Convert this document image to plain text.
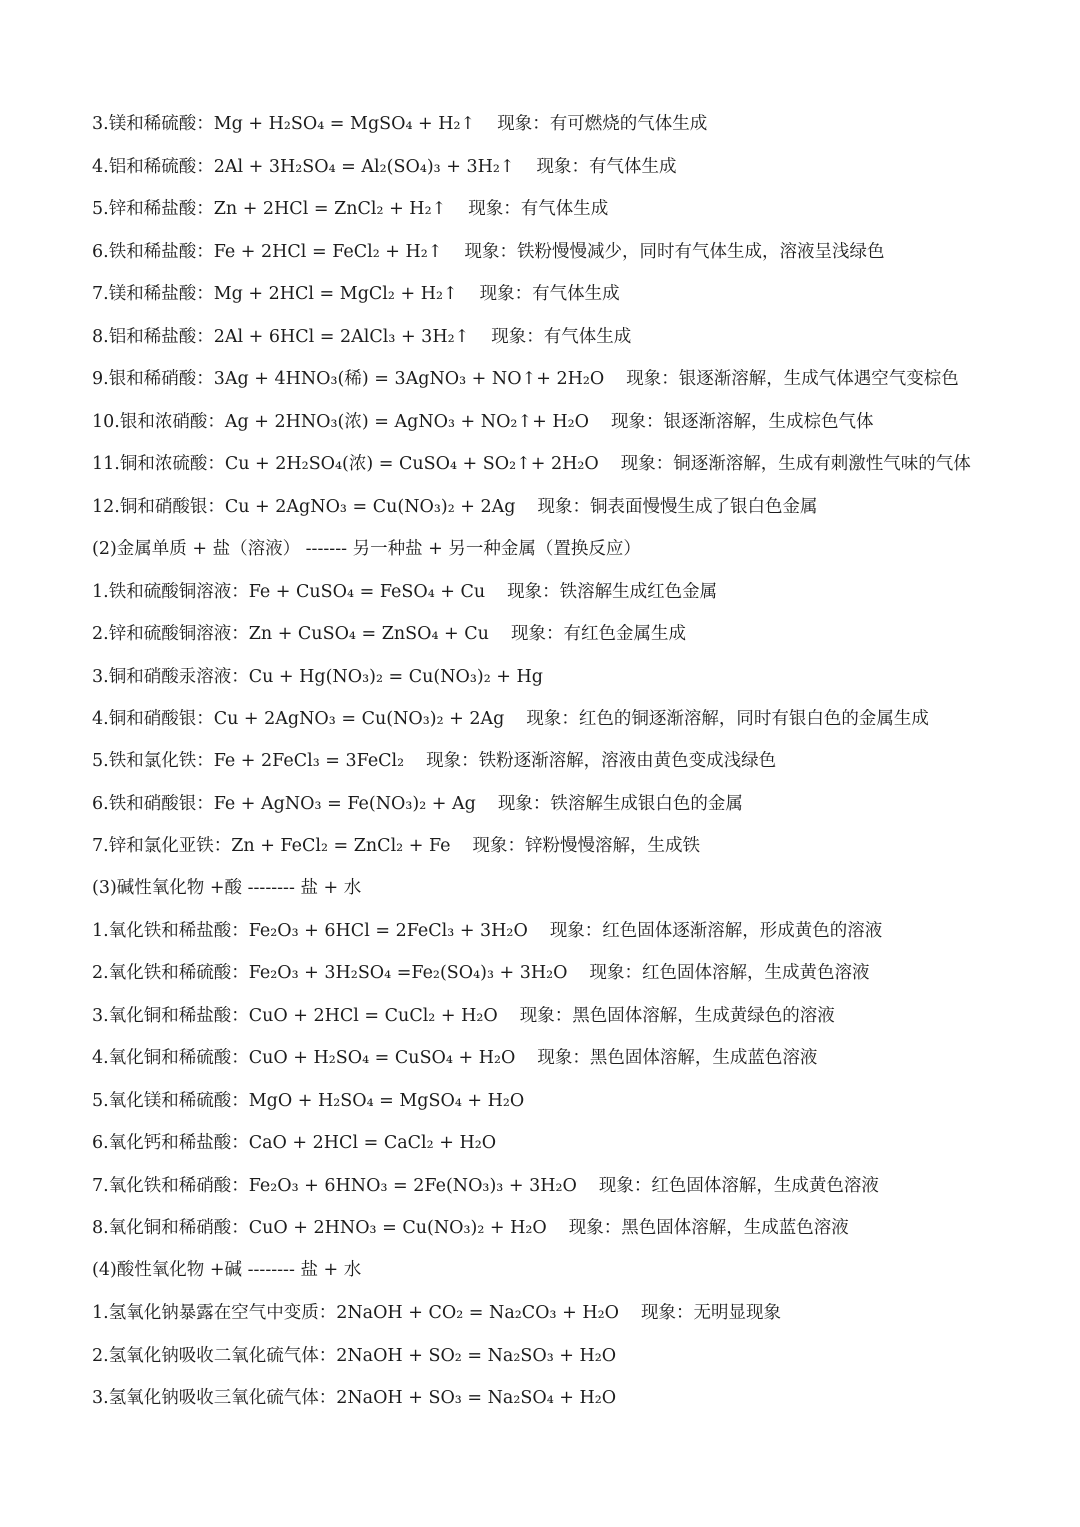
3.镁和稀硫酸：Mg + H₂SO₄ = MgSO₄ + H₂↑ 现象：有可燃烧的气体生成
4.铝和稀硫酸：2Al + 3H₂SO₄ = Al₂(SO₄)₃ + 3H₂↑ 现象：有气体生成
5.锌和稀盐酸：Zn + 2HCl = ZnCl₂ + H₂↑ 现象：有气体生成
6.铁和稀盐酸：Fe + 2HCl = FeCl₂ + H₂↑ 现象：铁粉慢慢减少，同时有气体生成，溶液呈浅绿色
7.镁和稀盐酸：Mg + 2HCl = MgCl₂ + H₂↑ 现象：有气体生成
8.铝和稀盐酸：2Al + 6HCl = 2AlCl₃ + 3H₂↑ 现象：有气体生成
9.银和稀硝酸：3Ag + 4HNO₃(稀) = 3AgNO₃ + NO↑+ 2H₂O 现象：银逐渐溶解，生成气体遇空气变棕色
10.银和浓硝酸：Ag + 2HNO₃(浓) = AgNO₃ + NO₂↑+ H₂O 现象：银逐渐溶解，生成棕色气体
11.铜和浓硫酸：Cu + 2H₂SO₄(浓) = CuSO₄ + SO₂↑+ 2H₂O 现象：铜逐渐溶解，生成有刺激性气味的气体
12.铜和硝酸银：Cu + 2AgNO₃ = Cu(NO₃)₂ + 2Ag 现象：铜表面慢慢生成了银白色金属
(2)金属单质 + 盐（溶液） ------- 另一种盐 + 另一种金属（置换反应）
1.铁和硫酸铜溶液：Fe + CuSO₄ = FeSO₄ + Cu 现象：铁溶解生成红色金属
2.锌和硫酸铜溶液：Zn + CuSO₄ = ZnSO₄ + Cu 现象：有红色金属生成
3.铜和硝酸汞溶液：Cu + Hg(NO₃)₂ = Cu(NO₃)₂ + Hg
4.铜和硝酸银：Cu + 2AgNO₃ = Cu(NO₃)₂ + 2Ag 现象：红色的铜逐渐溶解，同时有银白色的金属生成
5.铁和氯化铁：Fe + 2FeCl₃ = 3FeCl₂ 现象：铁粉逐渐溶解，溶液由黄色变成浅绿色
6.铁和硝酸银：Fe + AgNO₃ = Fe(NO₃)₂ + Ag 现象：铁溶解生成银白色的金属
7.锌和氯化亚铁：Zn + FeCl₂ = ZnCl₂ + Fe 现象：锌粉慢慢溶解，生成铁
(3)碱性氧化物 +酸 -------- 盐 + 水
1.氧化铁和稀盐酸：Fe₂O₃ + 6HCl = 2FeCl₃ + 3H₂O 现象：红色固体逐渐溶解，形成黄色的溶液
2.氧化铁和稀硫酸：Fe₂O₃ + 3H₂SO₄ =Fe₂(SO₄)₃ + 3H₂O 现象：红色固体溶解，生成黄色溶液
3.氧化铜和稀盐酸：CuO + 2HCl = CuCl₂ + H₂O 现象：黑色固体溶解，生成黄绿色的溶液
4.氧化铜和稀硫酸：CuO + H₂SO₄ = CuSO₄ + H₂O 现象：黑色固体溶解，生成蓝色溶液
5.氧化镁和稀硫酸：MgO + H₂SO₄ = MgSO₄ + H₂O
6.氧化钙和稀盐酸：CaO + 2HCl = CaCl₂ + H₂O
7.氧化铁和稀硝酸：Fe₂O₃ + 6HNO₃ = 2Fe(NO₃)₃ + 3H₂O 现象：红色固体溶解，生成黄色溶液
8.氧化铜和稀硝酸：CuO + 2HNO₃ = Cu(NO₃)₂ + H₂O 现象：黑色固体溶解，生成蓝色溶液
(4)酸性氧化物 +碱 -------- 盐 + 水
1.氢氧化钠暴露在空气中变质：2NaOH + CO₂ = Na₂CO₃ + H₂O 现象：无明显现象
2.氢氧化钠吸收二氧化硫气体：2NaOH + SO₂ = Na₂SO₃ + H₂O
3.氢氧化钠吸收三氧化硫气体：2NaOH + SO₃ = Na₂SO₄ + H₂O
